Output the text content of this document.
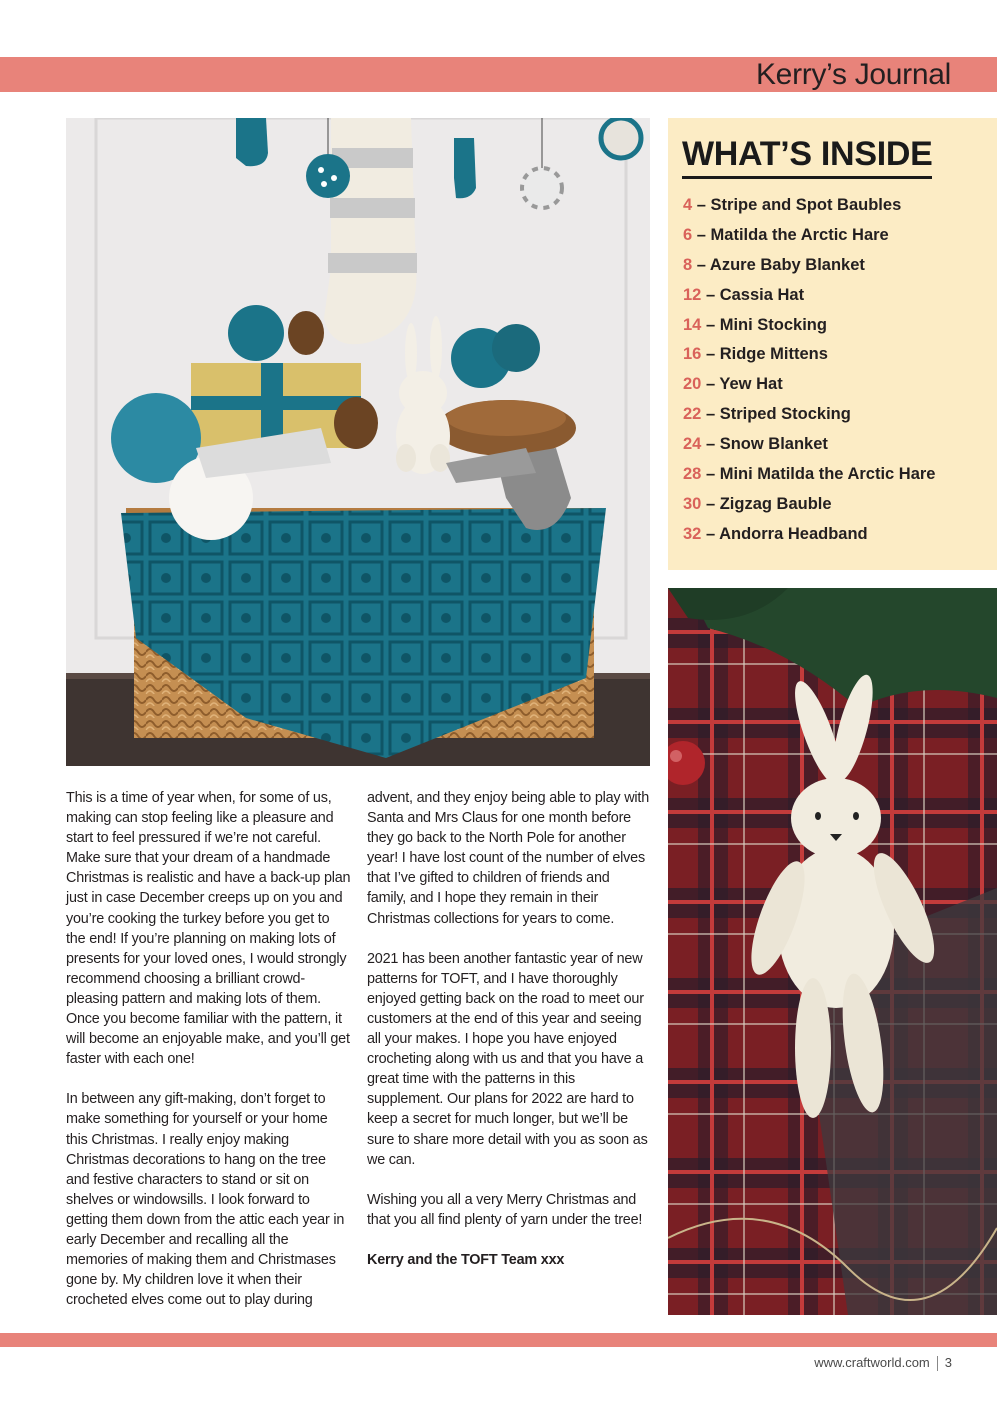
Kerry’s Journal
WHAT’S INSIDE
4 – Stripe and Spot Baubles
6 – Matilda the Arctic Hare
8 – Azure Baby Blanket
12 – Cassia Hat
14 – Mini Stocking
16 – Ridge Mittens
20 – Yew Hat
22 – Striped Stocking
24 – Snow Blanket
28 – Mini Matilda the Arctic Hare
30 – Zigzag Bauble
32 – Andorra Headband

This is a time of year when, for some of us, making can stop feeling like a pleasure and start to feel pressured if we’re not careful. Make sure that your dream of a handmade Christmas is realistic and have a back-up plan just in case December creeps up on you and you’re cooking the turkey before you get to the end! If you’re planning on making lots of presents for your loved ones, I would strongly recommend choosing a brilliant crowd-pleasing pattern and making lots of them. Once you become familiar with the pattern, it will become an enjoyable make, and you’ll get faster with each one!

In between any gift-making, don’t forget to make something for yourself or your home this Christmas. I really enjoy making Christmas decorations to hang on the tree and festive characters to stand or sit on shelves or windowsills. I look forward to getting them down from the attic each year in early December and recalling all the memories of making them and Christmases gone by. My children love it when their crocheted elves come out to play during

advent, and they enjoy being able to play with Santa and Mrs Claus for one month before they go back to the North Pole for another year! I have lost count of the number of elves that I’ve gifted to children of friends and family, and I hope they remain in their Christmas collections for years to come.

2021 has been another fantastic year of new patterns for TOFT, and I have thoroughly enjoyed getting back on the road to meet our customers at the end of this year and seeing all your makes. I hope you have enjoyed crocheting along with us and that you have a great time with the patterns in this supplement. Our plans for 2022 are hard to keep a secret for much longer, but we’ll be sure to share more detail with you as soon as we can.

Wishing you all a very Merry Christmas and that you all find plenty of yarn under the tree!

Kerry and the TOFT Team xxx

www.craftworld.com 3
